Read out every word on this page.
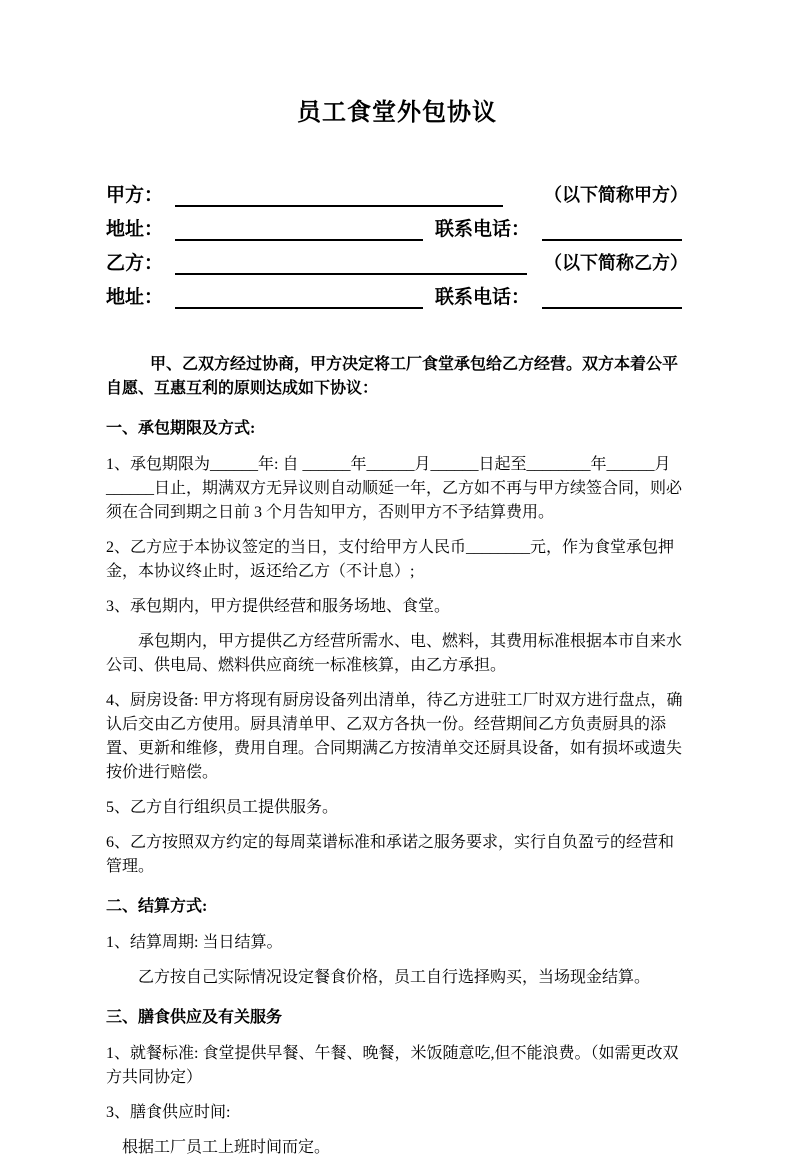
员工食堂外包协议
甲方：	（以下简称甲方）
地址：	联系电话：
乙方：	（以下简称乙方）
地址：	联系电话：

甲、乙双方经过协商，甲方决定将工厂食堂承包给乙方经营。双方本着公平自愿、互惠互利的原则达成如下协议：

一、承包期限及方式:

1、承包期限为______年: 自 ______年______月______日起至________年______月______日止，期满双方无异议则自动顺延一年，乙方如不再与甲方续签合同，则必须在合同到期之日前 3 个月告知甲方，否则甲方不予结算费用。

2、乙方应于本协议签定的当日，支付给甲方人民币________元，作为食堂承包押金，本协议终止时，返还给乙方（不计息）;

3、承包期内，甲方提供经营和服务场地、食堂。

承包期内，甲方提供乙方经营所需水、电、燃料，其费用标准根据本市自来水公司、供电局、燃料供应商统一标准核算，由乙方承担。

4、厨房设备: 甲方将现有厨房设备列出清单，待乙方进驻工厂时双方进行盘点，确认后交由乙方使用。厨具清单甲、乙双方各执一份。经营期间乙方负责厨具的添置、更新和维修，费用自理。合同期满乙方按清单交还厨具设备，如有损坏或遗失按价进行赔偿。

5、乙方自行组织员工提供服务。

6、乙方按照双方约定的每周菜谱标准和承诺之服务要求，实行自负盈亏的经营和管理。

二、结算方式:

1、结算周期: 当日结算。

乙方按自己实际情况设定餐食价格，员工自行选择购买，当场现金结算。

三、膳食供应及有关服务

1、就餐标准: 食堂提供早餐、午餐、晚餐，米饭随意吃,但不能浪费。（如需更改双方共同协定）

3、膳食供应时间:

根据工厂员工上班时间而定。
